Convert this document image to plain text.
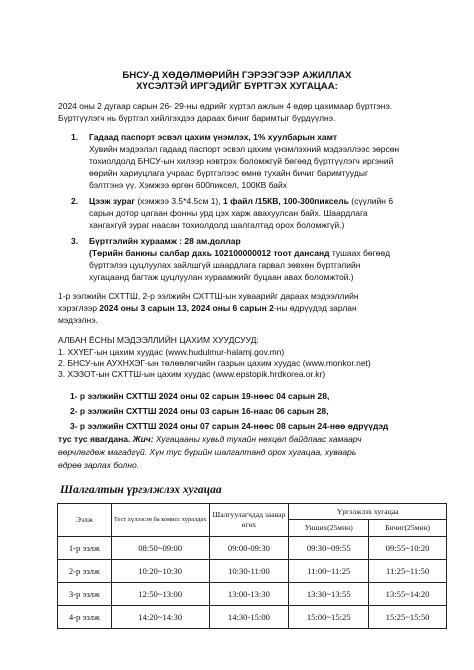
БНСУ-Д ХӨДӨЛМӨРИЙН ГЭРЭЭГЭЭР АЖИЛЛАХ
ХҮСЭЛТЭЙ ИРГЭДИЙГ БҮРТГЭХ ХУГАЦАА:
2024 оны 2 дугаар сарын 26- 29-ны өдрийг хүртэл ажлын 4 өдөр цахимаар бүртгэнэ.
Бүртгүүлэгч нь бүртгэл хийлгэхдээ дараах бичиг баримтыг бүрдүүлнэ.
1. Гадаад паспорт эсвэл цахим үнэмлэх, 1% хуулбарын хамт
Хувийн мэдээлэл гадаад паспорт эсвэл цахим үнэмлэхний мэдээллээс зөрсөн
тохиолдолд БНСУ-ын хилээр нэвтрэх боломжгүй бөгөөд бүртгүүлэгч иргэний
өөрийн хариуцлага учраас бүртгэлээс өмнө тухайн бичиг баримтуудыг
бэлтгэнэ үү. Хэмжээ өргөн 600пиксел, 100КВ байх
2. Цээж зураг (хэмжээ 3.5*4.5см 1), 1 файл /15КВ, 100-300пиксель (сүүлийн 6
сарын дотор цагаан фонны урд цэх харж авахуулсан байх. Шаардлага
хангахгүй зураг наасан тохиолдолд шалгалтад орох боломжгүй.)
3. Бүртгэлийн хураамж : 28 ам.доллар
(Төрийн банкны салбар дахь 102100000012 тоот дансанд тушаах бөгөөд
бүртгэлээ цуцлуулах зайлшгүй шаардлага гарвал зөвхөн бүртгэлийн
хугацаанд багтаж цуцлуулан хураамжийг буцаан авах боломжтой.)
1-р ээлжийн СХТТШ, 2-р ээлжийн СХТТШ-ын хуваарийг дараах мэдээллийн
хэрэглээр 2024 оны 3 сарын 13, 2024 оны 6 сарын 2-ны өдрүүдэд зарлан
мэдээлнэ.
АЛБАН ЁСНЫ МЭДЭЭЛЛИЙН ЦАХИМ ХУУДСУУД:
1. ХХҮЕГ-ын цахим хуудас (www.hudulmur-halamj.gov.mn)
2. БНСУ-ын АУХНХЭГ-ын төлөөлөгчийн газрын цахим хуудас (www.monkor.net)
3. ХЭЗОТ-ын СХТТШ-ын цахим хуудас (www.epstopik.hrdkorea.or.kr)
1- р ээлжийн СХТТШ 2024 оны 02 сарын 19-нөөс 04 сарын 28,
2- р ээлжийн СХТТШ 2024 оны 03 сарын 16-наас 06 сарын 28,
3- р ээлжийн СХТТШ 2024 оны 07 сарын 24-нөөс 08 сарын 24-нөө өдрүүдэд
тус тус явагдана. Жич: Хугацааны хувьд тухайн нөхцөл байдлаас хамаарч
өөрчлөгдөж магадгүй. Хүн тус бүрийн шалгалтанд орох хугацаа, хуваарь
өдрөө зарлах болно.
Шалгалтын үргэлжлэх хугацаа
Ээлж	Тест хүлээсэн ба комисс хуралдах	Шалгуулагчдад заавар өгөх	Үргэлжлэх хугацаа	
			Унших(25мин)	Бичиг(25мин)
1-р ээлж	08:50~09:00	09:00-09:30	09:30~09:55	09:55~10:20
2-р ээлж	10:20~10:30	10:30-11:00	11:00~11:25	11:25~11:50
3-р ээлж	12:50~13:00	13:00-13:30	13:30~13:55	13:55~14:20
4-р ээлж	14:20~14:30	14:30-15:00	15:00~15:25	15:25~15:50
